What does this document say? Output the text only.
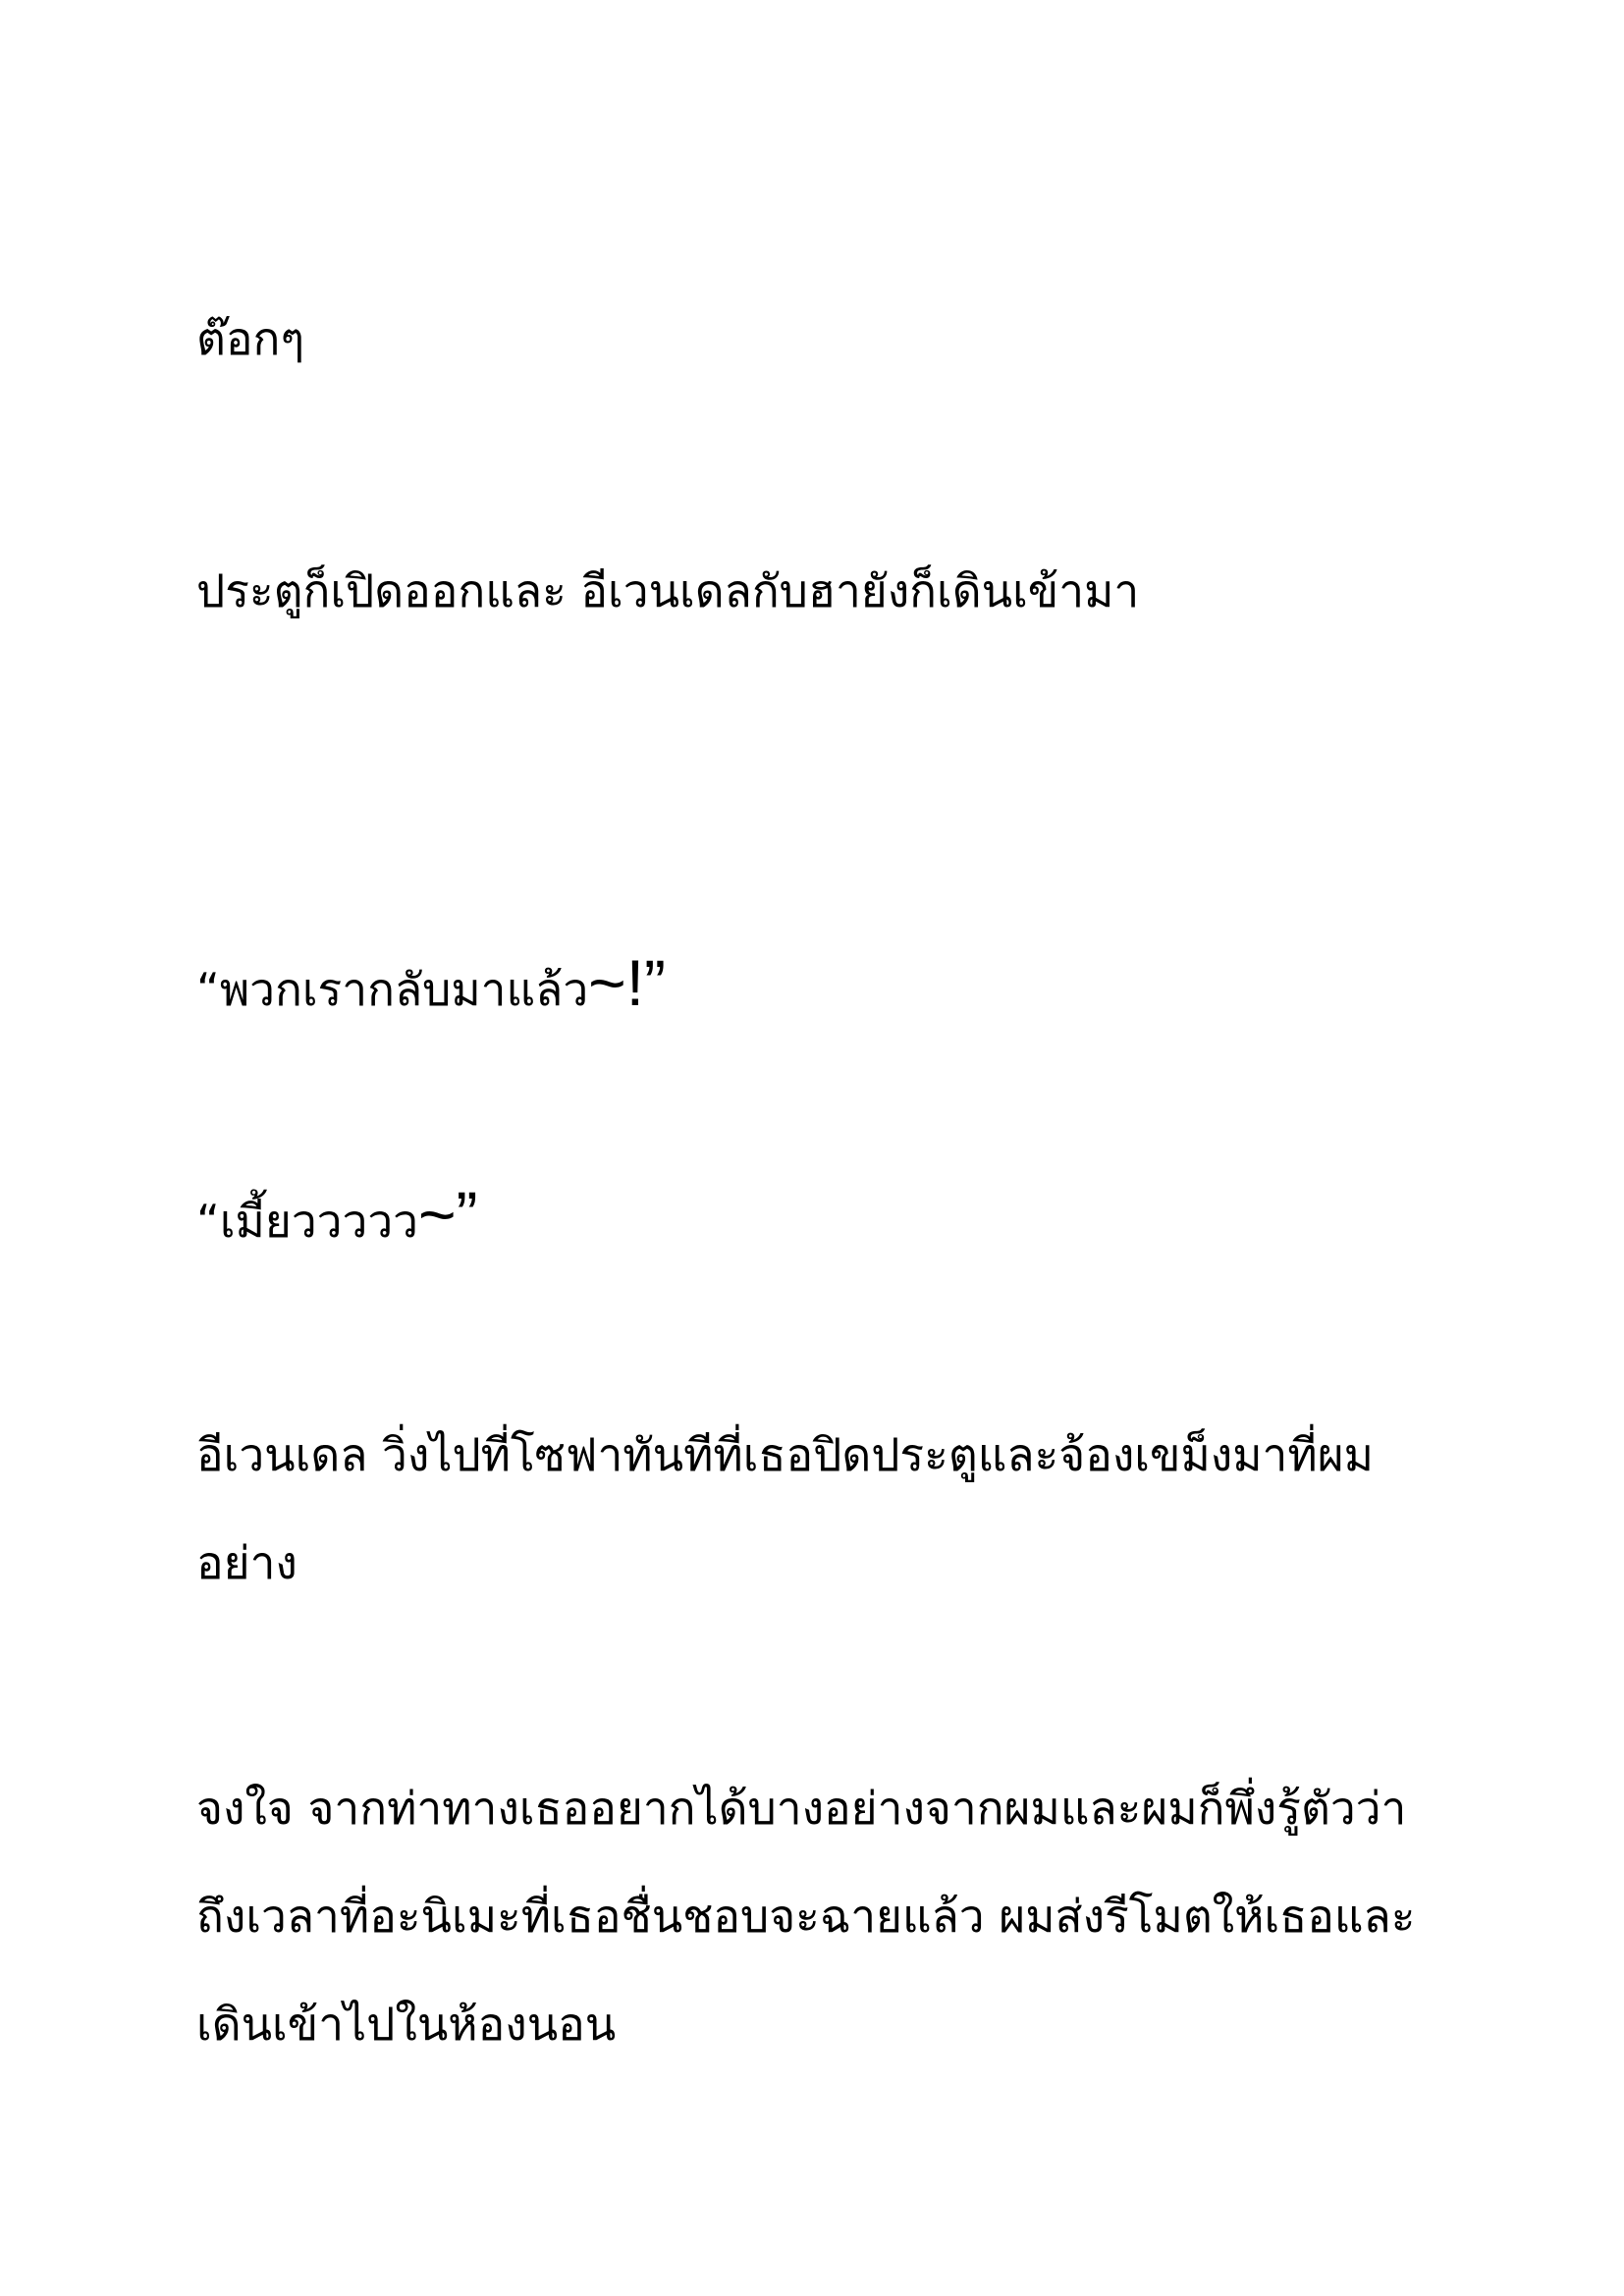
ต๊อกๆ

ประตูก็เปิดออกและ อีเวนเดลกับฮายังก็เดินเข้ามา

“พวกเรากลับมาแล้ว~!”

“เมี้ยววววว~”

อีเวนเดล วิ่งไปที่โซฟาทันทีที่เธอปิดประตูและจ้องเขม็งมาที่ผม

อย่าง

จงใจ จากท่าทางเธออยากได้บางอย่างจากผมและผมก็พึ่งรู้ตัวว่า

ถึงเวลาที่อะนิเมะที่เธอชื่นชอบจะฉายแล้ว ผมส่งรีโมตให้เธอและ

เดินเข้าไปในห้องนอน
